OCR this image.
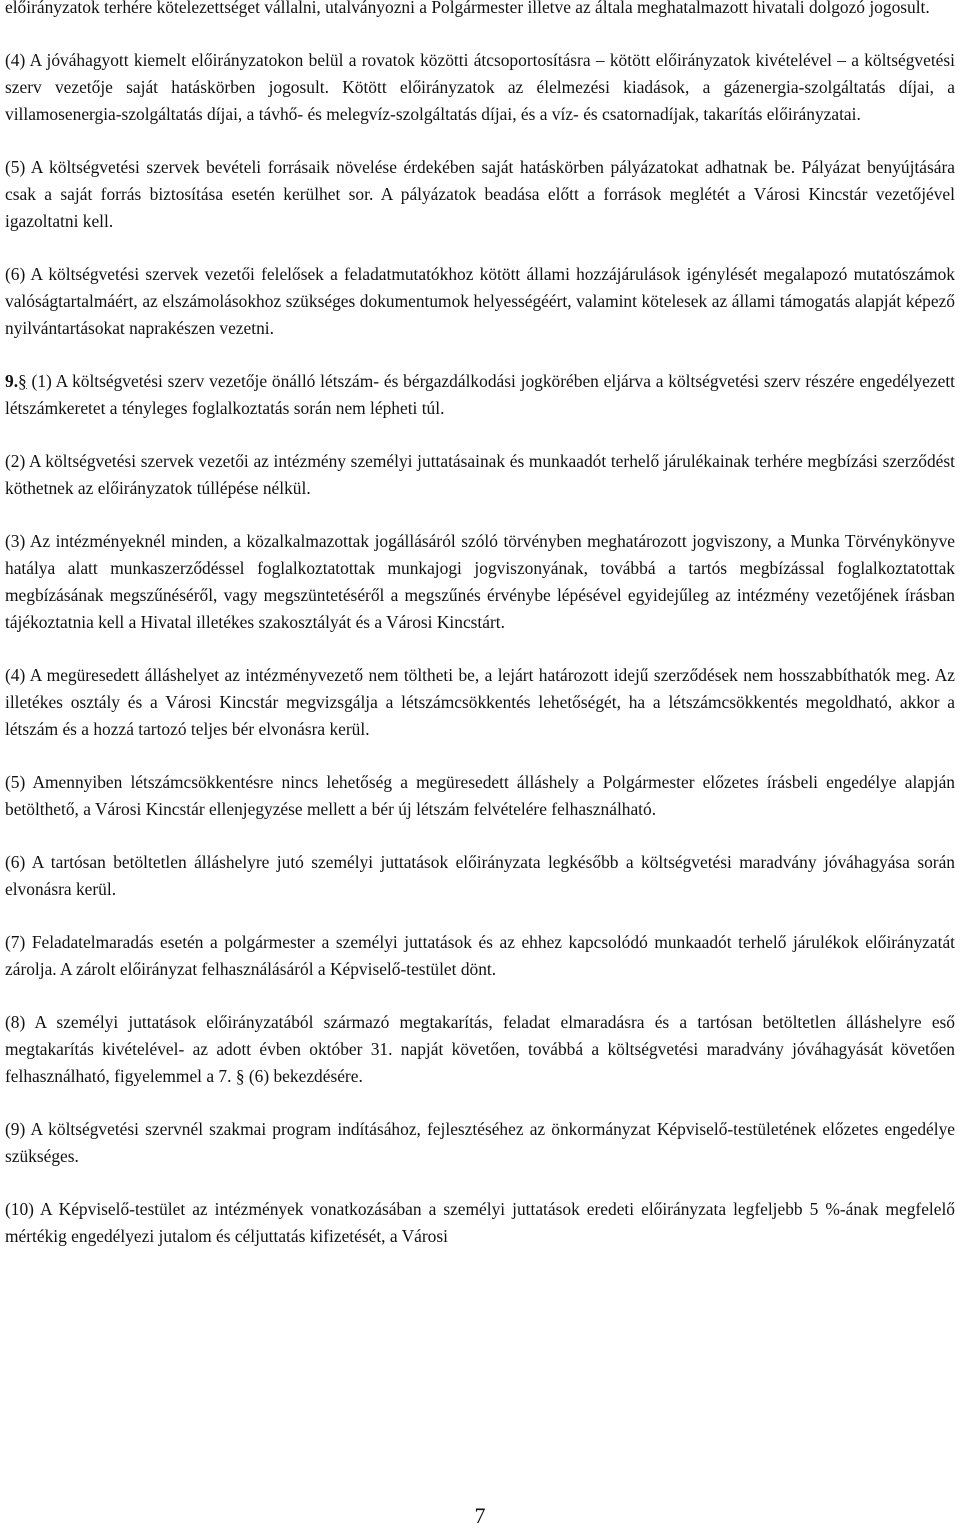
előirányzatok terhére kötelezettséget vállalni, utalványozni a Polgármester illetve az általa meghatalmazott hivatali dolgozó jogosult.

(4) A jóváhagyott kiemelt előirányzatokon belül a rovatok közötti átcsoportosításra – kötött előirányzatok kivételével – a költségvetési szerv vezetője saját hatáskörben jogosult. Kötött előirányzatok az élelmezési kiadások, a gázenergia-szolgáltatás díjai, a villamosenergia-szolgáltatás díjai, a távhő- és melegvíz-szolgáltatás díjai, és a víz- és csatornadíjak, takarítás előirányzatai.

(5) A költségvetési szervek bevételi forrásaik növelése érdekében saját hatáskörben pályázatokat adhatnak be. Pályázat benyújtására csak a saját forrás biztosítása esetén kerülhet sor. A pályázatok beadása előtt a források meglétét a Városi Kincstár vezetőjével igazoltatni kell.

(6) A költségvetési szervek vezetői felelősek a feladatmutatókhoz kötött állami hozzájárulások igénylését megalapozó mutatószámok valóságtartalmáért, az elszámolásokhoz szükséges dokumentumok helyességéért, valamint kötelesek az állami támogatás alapját képező nyilvántartásokat naprakészen vezetni.

9.§ (1) A költségvetési szerv vezetője önálló létszám- és bérgazdálkodási jogkörében eljárva a költségvetési szerv részére engedélyezett létszámkeretet a tényleges foglalkoztatás során nem lépheti túl.

(2) A költségvetési szervek vezetői az intézmény személyi juttatásainak és munkaadót terhelő járulékainak terhére megbízási szerződést köthetnek az előirányzatok túllépése nélkül.

(3) Az intézményeknél minden, a közalkalmazottak jogállásáról szóló törvényben meghatározott jogviszony, a Munka Törvénykönyve hatálya alatt munkaszerződéssel foglalkoztatottak munkajogi jogviszonyának, továbbá a tartós megbízással foglalkoztatottak megbízásának megszűnéséről, vagy megszüntetéséről a megszűnés érvénybe lépésével egyidejűleg az intézmény vezetőjének írásban tájékoztatnia kell a Hivatal illetékes szakosztályát és a Városi Kincstárt.

(4) A megüresedett álláshelyet az intézményvezető nem töltheti be, a lejárt határozott idejű szerződések nem hosszabbíthatók meg. Az illetékes osztály és a Városi Kincstár megvizsgálja a létszámcsökkentés lehetőségét, ha a létszámcsökkentés megoldható, akkor a létszám és a hozzá tartozó teljes bér elvonásra kerül.

(5) Amennyiben létszámcsökkentésre nincs lehetőség a megüresedett álláshely a Polgármester előzetes írásbeli engedélye alapján betölthető, a Városi Kincstár ellenjegyzése mellett a bér új létszám felvételére felhasználható.

(6) A tartósan betöltetlen álláshelyre jutó személyi juttatások előirányzata legkésőbb a költségvetési maradvány jóváhagyása során elvonásra kerül.

(7) Feladatelmaradás esetén a polgármester a személyi juttatások és az ehhez kapcsolódó munkaadót terhelő járulékok előirányzatát zárolja. A zárolt előirányzat felhasználásáról a Képviselő-testület dönt.

(8) A személyi juttatások előirányzatából származó megtakarítás, feladat elmaradásra és a tartósan betöltetlen álláshelyre eső megtakarítás kivételével- az adott évben október 31. napját követően, továbbá a költségvetési maradvány jóváhagyását követően felhasználható, figyelemmel a 7. § (6) bekezdésére.

(9) A költségvetési szervnél szakmai program indításához, fejlesztéséhez az önkormányzat Képviselő-testületének előzetes engedélye szükséges.

(10) A Képviselő-testület az intézmények vonatkozásában a személyi juttatások eredeti előirányzata legfeljebb 5 %-ának megfelelő mértékig engedélyezi jutalom és céljuttatás kifizetését, a Városi

7
